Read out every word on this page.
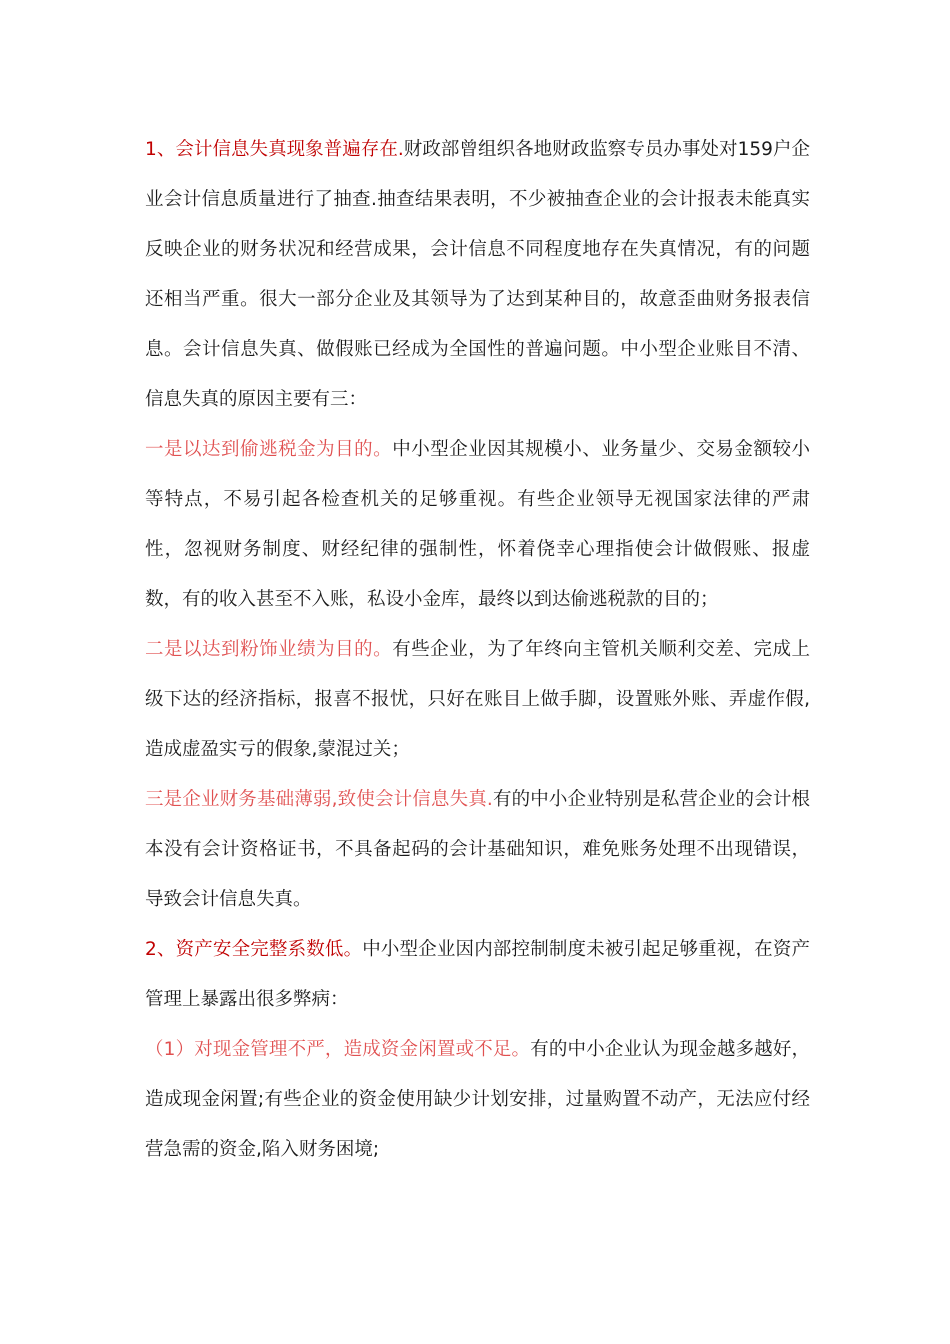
1、会计信息失真现象普遍存在.财政部曾组织各地财政监察专员办事处对159户企业会计信息质量进行了抽查.抽查结果表明，不少被抽查企业的会计报表未能真实反映企业的财务状况和经营成果，会计信息不同程度地存在失真情况，有的问题还相当严重。很大一部分企业及其领导为了达到某种目的，故意歪曲财务报表信息。会计信息失真、做假账已经成为全国性的普遍问题。中小型企业账目不清、信息失真的原因主要有三：

一是以达到偷逃税金为目的。中小型企业因其规模小、业务量少、交易金额较小等特点，不易引起各检查机关的足够重视。有些企业领导无视国家法律的严肃性，忽视财务制度、财经纪律的强制性，怀着侥幸心理指使会计做假账、报虚数，有的收入甚至不入账，私设小金库，最终以到达偷逃税款的目的；

二是以达到粉饰业绩为目的。有些企业，为了年终向主管机关顺利交差、完成上级下达的经济指标，报喜不报忧，只好在账目上做手脚，设置账外账、弄虚作假,造成虚盈实亏的假象,蒙混过关；

三是企业财务基础薄弱,致使会计信息失真.有的中小企业特别是私营企业的会计根本没有会计资格证书，不具备起码的会计基础知识，难免账务处理不出现错误，导致会计信息失真。

2、资产安全完整系数低。中小型企业因内部控制制度未被引起足够重视，在资产管理上暴露出很多弊病：

（1）对现金管理不严，造成资金闲置或不足。有的中小企业认为现金越多越好，造成现金闲置;有些企业的资金使用缺少计划安排，过量购置不动产，无法应付经营急需的资金,陷入财务困境;
